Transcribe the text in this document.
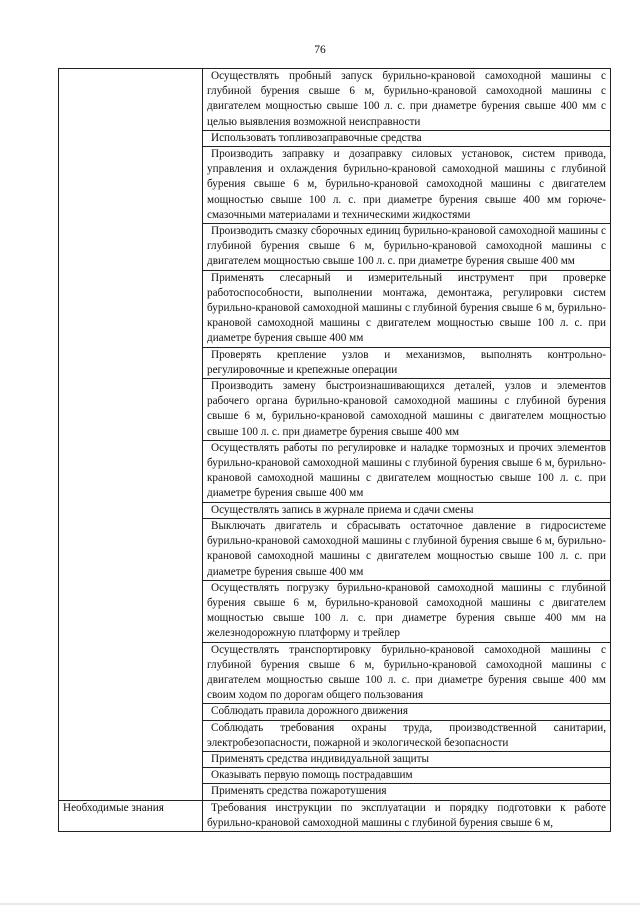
76
	Осуществлять пробный запуск бурильно-крановой самоходной машины с глубиной бурения свыше 6 м, бурильно-крановой самоходной машины с двигателем мощностью свыше 100 л. с. при диаметре бурения свыше 400 мм с целью выявления возможной неисправности
	Использовать топливозаправочные средства
	Производить заправку и дозаправку силовых установок, систем привода, управления и охлаждения бурильно-крановой самоходной машины с глубиной бурения свыше 6 м, бурильно-крановой самоходной машины с двигателем мощностью свыше 100 л. с. при диаметре бурения свыше 400 мм горюче-смазочными материалами и техническими жидкостями
	Производить смазку сборочных единиц бурильно-крановой самоходной машины с глубиной бурения свыше 6 м, бурильно-крановой самоходной машины с двигателем мощностью свыше 100 л. с. при диаметре бурения свыше 400 мм
	Применять слесарный и измерительный инструмент при проверке работоспособности, выполнении монтажа, демонтажа, регулировки систем бурильно-крановой самоходной машины с глубиной бурения свыше 6 м, бурильно-крановой самоходной машины с двигателем мощностью свыше 100 л. с. при диаметре бурения свыше 400 мм
	Проверять крепление узлов и механизмов, выполнять контрольно-регулировочные и крепежные операции
	Производить замену быстроизнашивающихся деталей, узлов и элементов рабочего органа бурильно-крановой самоходной машины с глубиной бурения свыше 6 м, бурильно-крановой самоходной машины с двигателем мощностью свыше 100 л. с. при диаметре бурения свыше 400 мм
	Осуществлять работы по регулировке и наладке тормозных и прочих элементов бурильно-крановой самоходной машины с глубиной бурения свыше 6 м, бурильно-крановой самоходной машины с двигателем мощностью свыше 100 л. с. при диаметре бурения свыше 400 мм
	Осуществлять запись в журнале приема и сдачи смены
	Выключать двигатель и сбрасывать остаточное давление в гидросистеме бурильно-крановой самоходной машины с глубиной бурения свыше 6 м, бурильно-крановой самоходной машины с двигателем мощностью свыше 100 л. с. при диаметре бурения свыше 400 мм
	Осуществлять погрузку бурильно-крановой самоходной машины с глубиной бурения свыше 6 м, бурильно-крановой самоходной машины с двигателем мощностью свыше 100 л. с. при диаметре бурения свыше 400 мм на железнодорожную платформу и трейлер
	Осуществлять транспортировку бурильно-крановой самоходной машины с глубиной бурения свыше 6 м, бурильно-крановой самоходной машины с двигателем мощностью свыше 100 л. с. при диаметре бурения свыше 400 мм своим ходом по дорогам общего пользования
	Соблюдать правила дорожного движения
	Соблюдать требования охраны труда, производственной санитарии, электробезопасности, пожарной и экологической безопасности
	Применять средства индивидуальной защиты
	Оказывать первую помощь пострадавшим
	Применять средства пожаротушения
Необходимые знания	Требования инструкции по эксплуатации и порядку подготовки к работе бурильно-крановой самоходной машины с глубиной бурения свыше 6 м,
